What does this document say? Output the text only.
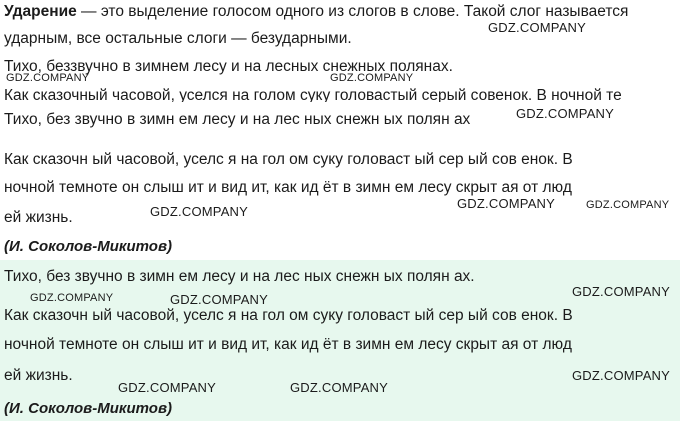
Ударение — это выделение голосом одного из слогов в слове. Такой слог называется
ударным, все остальные слоги — безударными.
Тихо, беззвучно в зимнем лесу и на лесных снежных полянах.
Как сказочный часовой, уселся на голом суку головастый серый совенок. В ночной те
Тихо, без звучно в зимн ем лесу и на лес ных снежн ых полян ах
Как сказочн ый часовой, уселс я на гол ом суку головаст ый сер ый сов енок. В
ночной темноте он слыш ит и вид ит, как ид ёт в зимн ем лесу скрыт ая от люд
ей жизнь.
(И. Соколов-Микитов)
Тихо, без звучно в зимн ем лесу и на лес ных снежн ых полян ах.
Как сказочн ый часовой, уселс я на гол ом суку головаст ый сер ый сов енок. В
ночной темноте он слыш ит и вид ит, как ид ёт в зимн ем лесу скрыт ая от люд
ей жизнь.
(И. Соколов-Микитов)
GDZ.COMPANY
GDZ.COMPANY	GDZ.COMPANY
GDZ.COMPANY
GDZ.COMPANY	GDZ.COMPANY
GDZ.COMPANY
GDZ.COMPANY	GDZ.COMPANY
GDZ.COMPANY
GDZ.COMPANY
GDZ.COMPANY	GDZ.COMPANY
